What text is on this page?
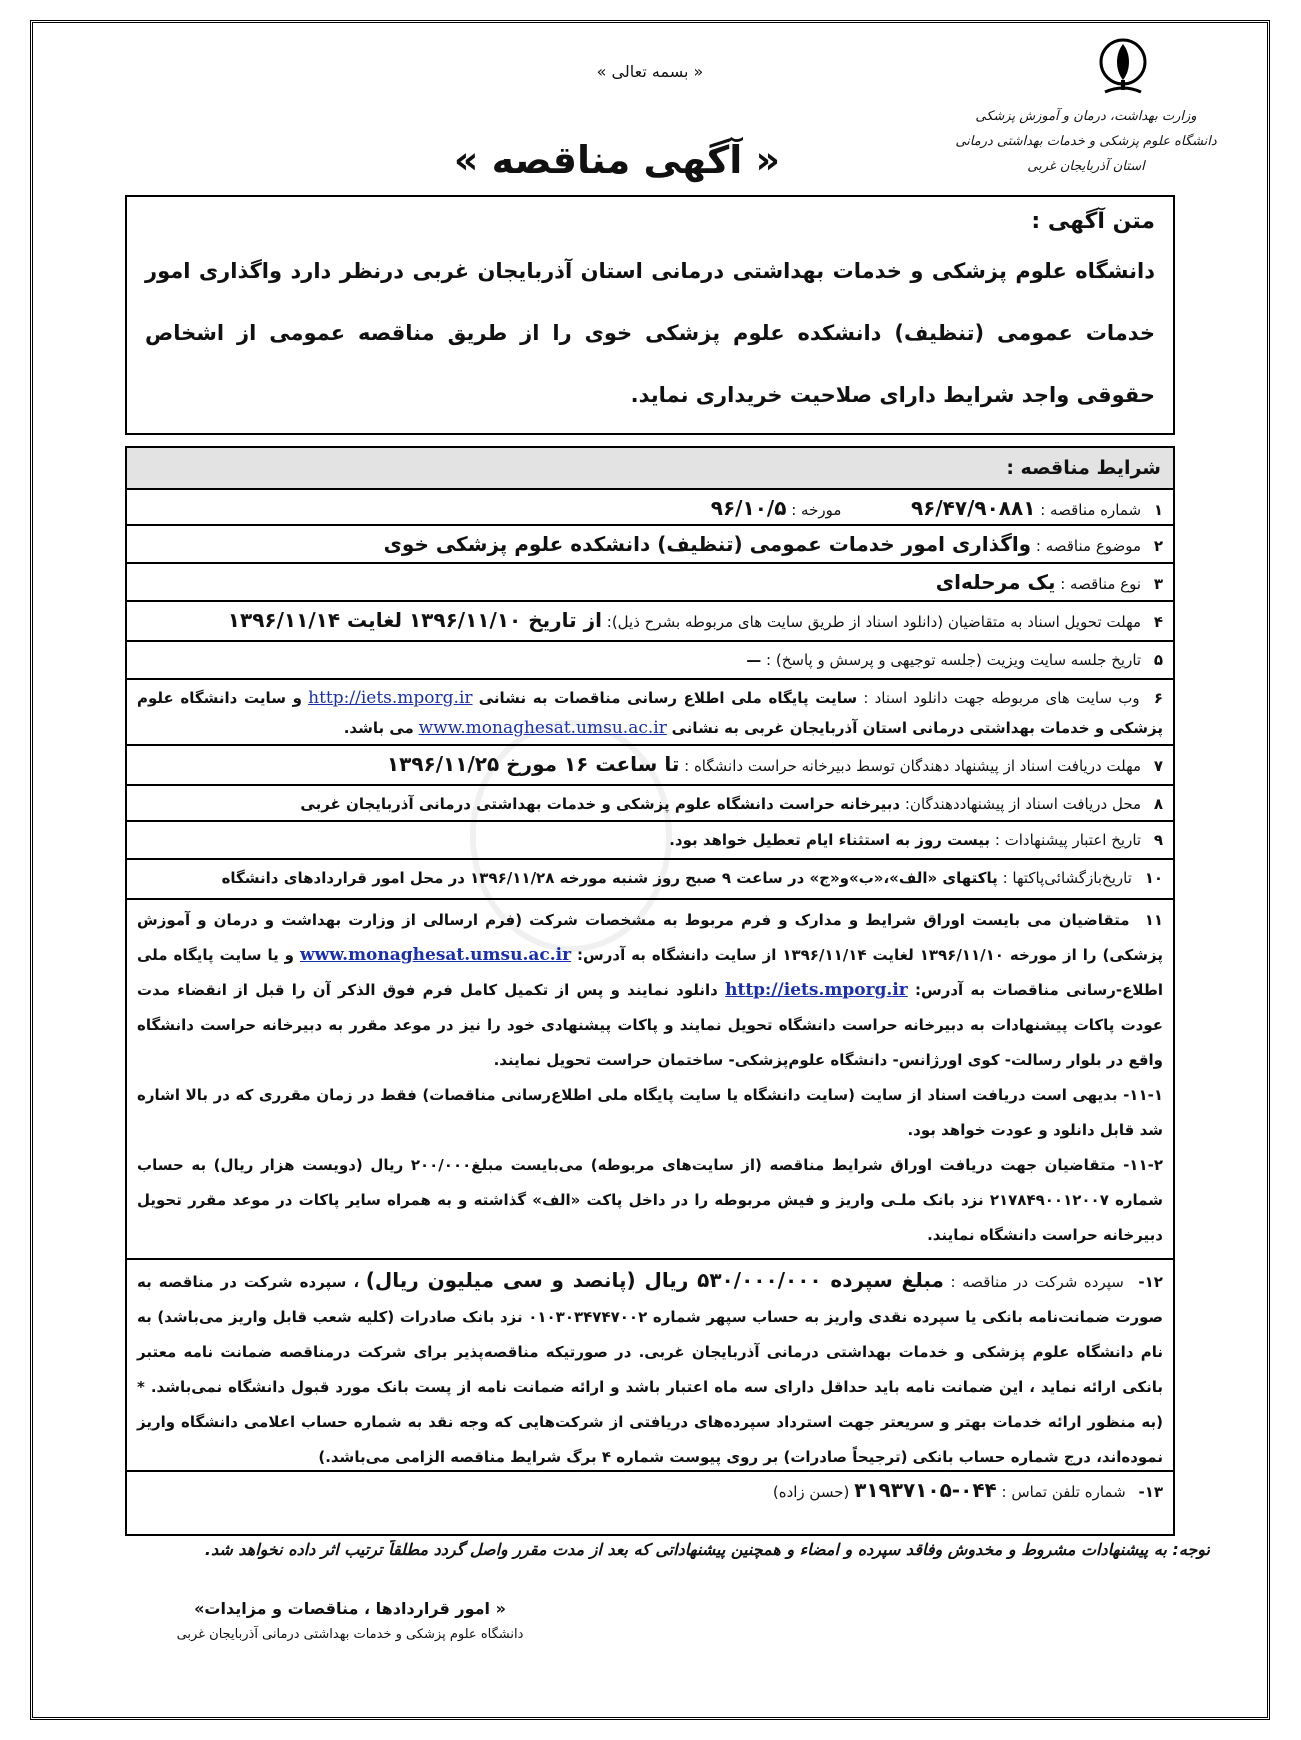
« بسمه تعالی »
وزارت بهداشت، درمان و آموزش پزشکی
دانشگاه علوم پزشکی و خدمات بهداشتی درمانی
استان آذربایجان غربی
« آگهی مناقصه »
متن آگهی :
دانشگاه علوم پزشکی و خدمات بهداشتی درمانی استان آذربایجان غربی درنظر دارد واگذاری امور خدمات عمومی (تنظیف) دانشکده علوم پزشکی خوی را از طریق مناقصه عمومی از اشخاص حقوقی واجد شرایط دارای صلاحیت خریداری نماید.
شرایط مناقصه :
۱ شماره مناقصه : ۹۶/۴۷/۹۰۸۸۱  مورخه : ۹۶/۱۰/۵
۲ موضوع مناقصه : واگذاری امور خدمات عمومی (تنظیف) دانشکده علوم پزشکی خوی
۳ نوع مناقصه : یک مرحله‌ای
۴ مهلت تحویل اسناد به متقاضیان (دانلود اسناد از طریق سایت های مربوطه بشرح ذیل): از تاریخ ۱۳۹۶/۱۱/۱۰ لغایت ۱۳۹۶/۱۱/۱۴
۵ تاریخ جلسه سایت ویزیت (جلسه توجیهی و پرسش و پاسخ) : —
۶ وب سایت های مربوطه جهت دانلود اسناد : سایت پایگاه ملی اطلاع رسانی مناقصات به نشانی http://iets.mporg.ir و سایت دانشگاه علوم پزشکی و خدمات بهداشتی درمانی استان آذربایجان غربی به نشانی www.monaghesat.umsu.ac.ir می باشد.
۷ مهلت دریافت اسناد از پیشنهاد دهندگان توسط دبیرخانه حراست دانشگاه : تا ساعت ۱۶ مورخ ۱۳۹۶/۱۱/۲۵
۸ محل دریافت اسناد از پیشنهاددهندگان: دبیرخانه حراست دانشگاه علوم پزشکی و خدمات بهداشتی درمانی آذربایجان غربی
۹ تاریخ اعتبار پیشنهادات : بیست روز به استثناء ایام تعطیل خواهد بود.
۱۰ تاریخ‌بازگشائی‌پاکتها : پاکتهای «الف»،«ب»و«ج» در ساعت ۹ صبح روز شنبه مورخه ۱۳۹۶/۱۱/۲۸ در محل امور قراردادهای دانشگاه
۱۱ متقاضیان می بایست اوراق شرایط و مدارک و فرم مربوط به مشخصات شرکت (فرم ارسالی از وزارت بهداشت و درمان و آموزش پزشکی) را از مورخه ۱۳۹۶/۱۱/۱۰ لغایت ۱۳۹۶/۱۱/۱۴ از سایت دانشگاه به آدرس: www.monaghesat.umsu.ac.ir و یا سایت پایگاه ملی اطلاع-رسانی مناقصات به آدرس: http://iets.mporg.ir دانلود نمایند و پس از تکمیل کامل فرم فوق الذکر آن را قبل از انقضاء مدت عودت پاکات پیشنهادات به دبیرخانه حراست دانشگاه تحویل نمایند و پاکات پیشنهادی خود را نیز در موعد مقرر به دبیرخانه حراست دانشگاه واقع در بلوار رسالت- کوی اورژانس- دانشگاه علوم‌پزشکی- ساختمان حراست تحویل نمایند.
۱۱-۱- بدیهی است دریافت اسناد از سایت (سایت دانشگاه یا سایت پایگاه ملی اطلاع‌رسانی مناقصات) فقط در زمان مقرری که در بالا اشاره شد قابل دانلود و عودت خواهد بود.
۱۱-۲- متقاضیان جهت دریافت اوراق شرایط مناقصه (از سایت‌های مربوطه) می‌بایست مبلغ۲۰۰/۰۰۰ ریال (دویست هزار ریال) به حساب شماره ۲۱۷۸۴۹۰۰۱۲۰۰۷ نزد بانک ملـی واریز و فیش مربوطه را در داخل پاکت «الف» گذاشته و به همراه سایر پاکات در موعد مقرر تحویل دبیرخانه حراست دانشگاه نمایند.
۱۲- سپرده شرکت در مناقصه : مبلغ سپرده ۵۳۰/۰۰۰/۰۰۰ ریال (پانصد و سی میلیون ریال) ، سپرده شرکت در مناقصه به صورت ضمانت‌نامه بانکی یا سپرده نقدی واریز به حساب سپهر شماره ۰۱۰۳۰۳۴۷۴۷۰۰۲ نزد بانک صادرات (کلیه شعب قابل واریز می‌باشد) به نام دانشگاه علوم پزشکی و خدمات بهداشتی درمانی آذربایجان غربی. در صورتیکه مناقصه‌پذیر برای شرکت درمناقصه ضمانت نامه معتبر بانکی ارائه نماید ، این ضمانت نامه باید حداقل دارای سه ماه اعتبار باشد و ارائه ضمانت نامه از پست بانک مورد قبول دانشگاه نمی‌باشد. * (به منظور ارائه خدمات بهتر و سریعتر جهت استرداد سپرده‌های دریافتی از شرکت‌هایی که وجه نقد به شماره حساب اعلامی دانشگاه واریز نموده‌اند، درج شماره حساب بانکی (ترجیحاً صادرات) بر روی پیوست شماره ۴ برگ شرایط مناقصه الزامی می‌باشد.)
۱۳- شماره تلفن تماس : ۰۴۴-۳۱۹۳۷۱۰۵ (حسن زاده)
توجه: به پیشنهادات مشروط و مخدوش وفاقد سپرده و امضاء و همچنین پیشنهاداتی که بعد از مدت مقرر واصل گردد مطلقاً ترتیب اثر داده نخواهد شد.
« امور قراردادها ، مناقصات و مزایدات»
دانشگاه علوم پزشکی و خدمات بهداشتی درمانی آذربایجان غربی
